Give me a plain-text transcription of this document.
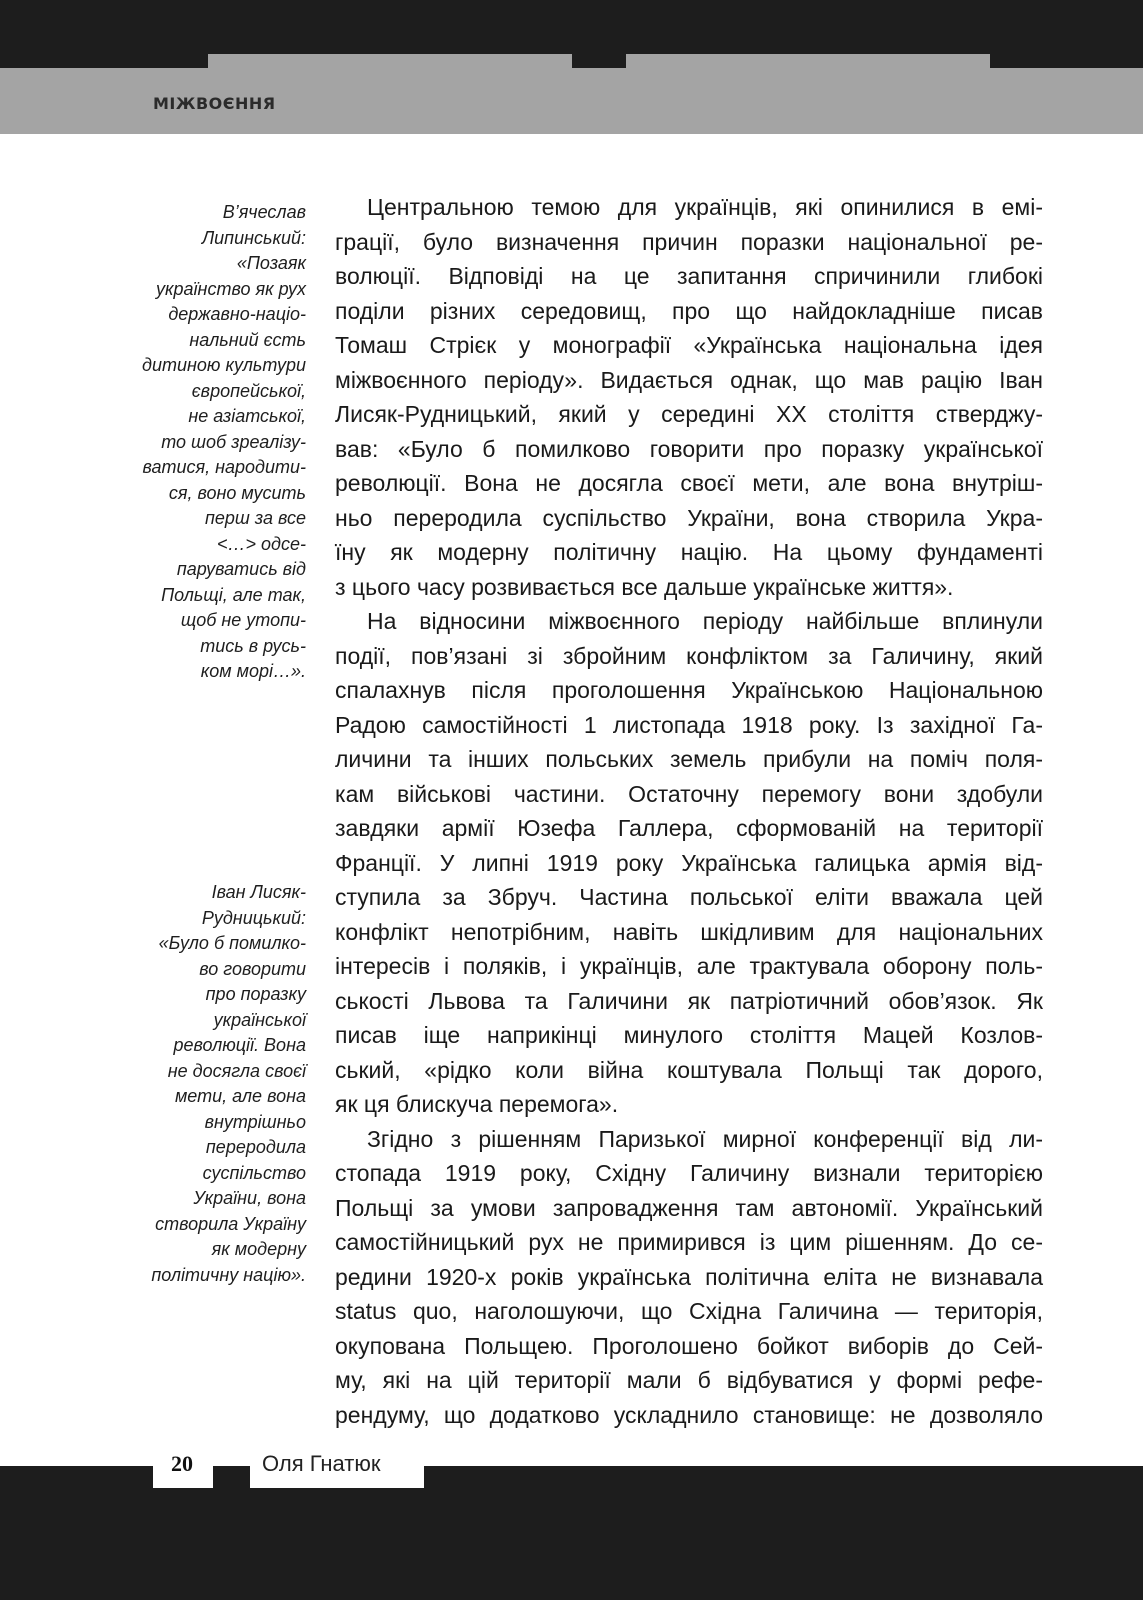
МІЖВОЄННЯ
В’ячеслав
Липинський:
«Позаяк
українство як рух
державно-націо-
нальний єсть
дитиною культури
європейської,
не азіатської,
то шоб зреалізу-
ватися, народити-
ся, воно мусить
перш за все
<…> одсе-
паруватись від
Польщі, але так,
щоб не утопи-
тись в русь-
ком морі…».
Іван Лисяк-
Рудницький:
«Було б помилко-
во говорити
про поразку
української
революції. Вона
не досягла своєї
мети, але вона
внутрішньо
перeродила
суспільство
України, вона
створила Україну
як модерну
політичну націю».
Центральною темою для українців, які опинилися в емі-
грації, було визначення причин поразки національної ре-
волюції. Відповіді на це запитання спричинили глибокі
поділи різних середовищ, про що найдокладніше писав
Томаш Стрієк у монографії «Українська національна ідея
міжвоєнного періоду». Видається однак, що мав рацію Іван
Лисяк-Рудницький, який у середині XX століття стверджу-
вав: «Було б помилково говорити про поразку української
революції. Вона не досягла своєї мети, але вона внутріш-
ньо перeродила суспільство України, вона створила Укра-
їну як модерну політичну націю. На цьому фундаменті
з цього часу розвивається все дальше українське життя».
На відносини міжвоєнного періоду найбільше вплинули
події, пов’язані зі збройним конфліктом за Галичину, який
спалахнув після проголошення Українською Національною
Радою самостійності 1 листопада 1918 року. Із західної Га-
личини та інших польських земель прибули на поміч поля-
кам військові частини. Остаточну перемогу вони здобули
завдяки армії Юзефа Галлера, сформованій на території
Франції. У липні 1919 року Українська галицька армія від-
ступила за Збруч. Частина польської еліти вважала цей
конфлікт непотрібним, навіть шкідливим для національних
інтересів і поляків, і українців, але трактувала оборону поль-
ськості Львова та Галичини як патріотичний обов’язок. Як
писав іще наприкінці минулого століття Мацей Козлов-
ський, «рідко коли війна коштувала Польщі так дорого,
як ця блискуча перемога».
Згідно з рішенням Паризької мирної конференції від ли-
стопада 1919 року, Східну Галичину визнали територією
Польщі за умови запровадження там автономії. Український
самостійницький рух не примирився із цим рішенням. До се-
редини 1920-х років українська політична еліта не визнавала
status quo, наголошуючи, що Східна Галичина — територія,
окупована Польщею. Проголошено бойкот виборів до Сей-
му, які на цій території мали б відбуватися у формі рефе-
рендуму, що додатково ускладнило становище: не дозволяло
20	Оля Гнатюк
